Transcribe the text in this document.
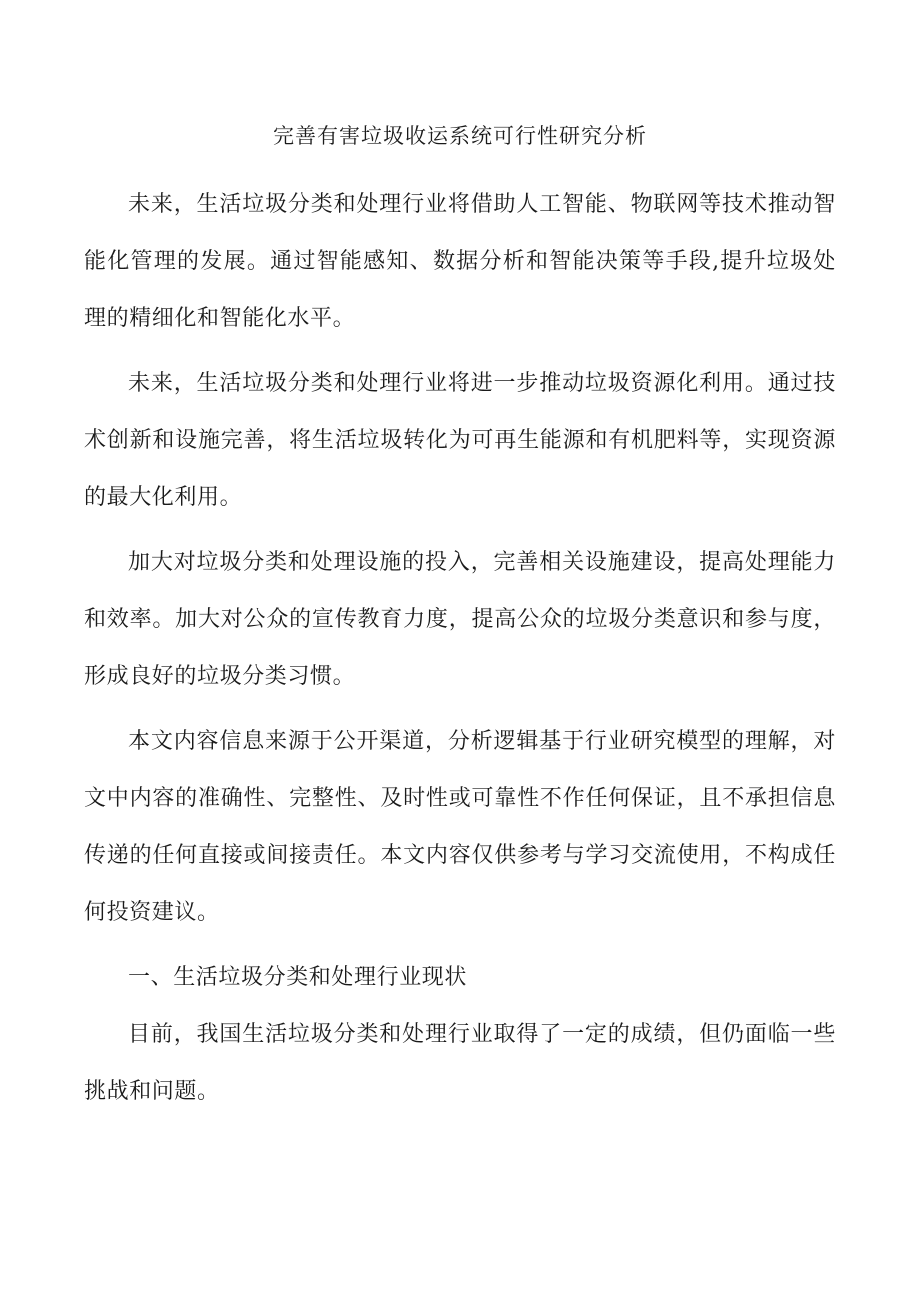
完善有害垃圾收运系统可行性研究分析

未来，生活垃圾分类和处理行业将借助人工智能、物联网等技术推动智能化管理的发展。通过智能感知、数据分析和智能决策等手段,提升垃圾处理的精细化和智能化水平。

未来，生活垃圾分类和处理行业将进一步推动垃圾资源化利用。通过技术创新和设施完善，将生活垃圾转化为可再生能源和有机肥料等，实现资源的最大化利用。

加大对垃圾分类和处理设施的投入，完善相关设施建设，提高处理能力和效率。加大对公众的宣传教育力度，提高公众的垃圾分类意识和参与度，形成良好的垃圾分类习惯。

本文内容信息来源于公开渠道，分析逻辑基于行业研究模型的理解，对文中内容的准确性、完整性、及时性或可靠性不作任何保证，且不承担信息传递的任何直接或间接责任。本文内容仅供参考与学习交流使用，不构成任何投资建议。

一、生活垃圾分类和处理行业现状

目前，我国生活垃圾分类和处理行业取得了一定的成绩，但仍面临一些挑战和问题。
